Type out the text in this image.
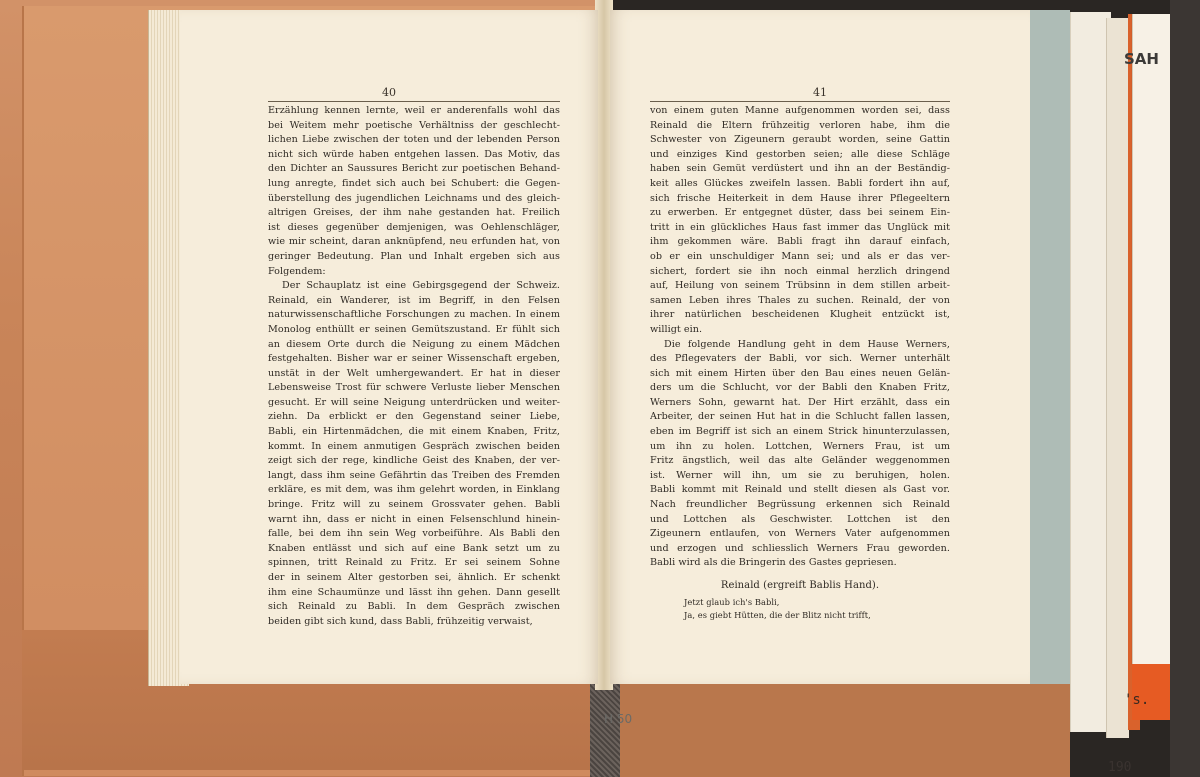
H 50
SAH
's.
190
40

Erzählung kennen lernte, weil er anderenfalls wohl das
bei Weitem mehr poetische Verhältniss der geschlecht-
lichen Liebe zwischen der toten und der lebenden Person
nicht sich würde haben entgehen lassen. Das Motiv, das
den Dichter an Saussures Bericht zur poetischen Behand-
lung anregte, findet sich auch bei Schubert: die Gegen-
überstellung des jugendlichen Leichnams und des gleich-
altrigen Greises, der ihm nahe gestanden hat. Freilich
ist dieses gegenüber demjenigen, was Oehlenschläger,
wie mir scheint, daran anknüpfend, neu erfunden hat, von
geringer Bedeutung. Plan und Inhalt ergeben sich aus
Folgendem:

Der Schauplatz ist eine Gebirgsgegend der Schweiz.
Reinald, ein Wanderer, ist im Begriff, in den Felsen
naturwissenschaftliche Forschungen zu machen. In einem
Monolog enthüllt er seinen Gemütszustand. Er fühlt sich
an diesem Orte durch die Neigung zu einem Mädchen
festgehalten. Bisher war er seiner Wissenschaft ergeben,
unstät in der Welt umhergewandert. Er hat in dieser
Lebensweise Trost für schwere Verluste lieber Menschen
gesucht. Er will seine Neigung unterdrücken und weiter-
ziehn. Da erblickt er den Gegenstand seiner Liebe,
Babli, ein Hirtenmädchen, die mit einem Knaben, Fritz,
kommt. In einem anmutigen Gespräch zwischen beiden
zeigt sich der rege, kindliche Geist des Knaben, der ver-
langt, dass ihm seine Gefährtin das Treiben des Fremden
erkläre, es mit dem, was ihm gelehrt worden, in Einklang
bringe. Fritz will zu seinem Grossvater gehen. Babli
warnt ihn, dass er nicht in einen Felsenschlund hinein-
falle, bei dem ihn sein Weg vorbeiführe. Als Babli den
Knaben entlässt und sich auf eine Bank setzt um zu
spinnen, tritt Reinald zu Fritz. Er sei seinem Sohne
der in seinem Alter gestorben sei, ähnlich. Er schenkt
ihm eine Schaumünze und lässt ihn gehen. Dann gesellt
sich Reinald zu Babli. In dem Gespräch zwischen
beiden gibt sich kund, dass Babli, frühzeitig verwaist,

41

von einem guten Manne aufgenommen worden sei, dass
Reinald die Eltern frühzeitig verloren habe, ihm die
Schwester von Zigeunern geraubt worden, seine Gattin
und einziges Kind gestorben seien; alle diese Schläge
haben sein Gemüt verdüstert und ihn an der Beständig-
keit alles Glückes zweifeln lassen. Babli fordert ihn auf,
sich frische Heiterkeit in dem Hause ihrer Pflegeeltern
zu erwerben. Er entgegnet düster, dass bei seinem Ein-
tritt in ein glückliches Haus fast immer das Unglück mit
ihm gekommen wäre. Babli fragt ihn darauf einfach,
ob er ein unschuldiger Mann sei; und als er das ver-
sichert, fordert sie ihn noch einmal herzlich dringend
auf, Heilung von seinem Trübsinn in dem stillen arbeit-
samen Leben ihres Thales zu suchen. Reinald, der von
ihrer natürlichen bescheidenen Klugheit entzückt ist,
willigt ein.

Die folgende Handlung geht in dem Hause Werners,
des Pflegevaters der Babli, vor sich. Werner unterhält
sich mit einem Hirten über den Bau eines neuen Gelän-
ders um die Schlucht, vor der Babli den Knaben Fritz,
Werners Sohn, gewarnt hat. Der Hirt erzählt, dass ein
Arbeiter, der seinen Hut hat in die Schlucht fallen lassen,
eben im Begriff ist sich an einem Strick hinunterzulassen,
um ihn zu holen. Lottchen, Werners Frau, ist um
Fritz ängstlich, weil das alte Geländer weggenommen
ist. Werner will ihn, um sie zu beruhigen, holen.
Babli kommt mit Reinald und stellt diesen als Gast vor.
Nach freundlicher Begrüssung erkennen sich Reinald
und Lottchen als Geschwister. Lottchen ist den
Zigeunern entlaufen, von Werners Vater aufgenommen
und erzogen und schliesslich Werners Frau geworden.
Babli wird als die Bringerin des Gastes gepriesen.

Reinald (ergreift Bablis Hand).
Jetzt glaub ich's Babli,
Ja, es giebt Hütten, die der Blitz nicht trifft,
